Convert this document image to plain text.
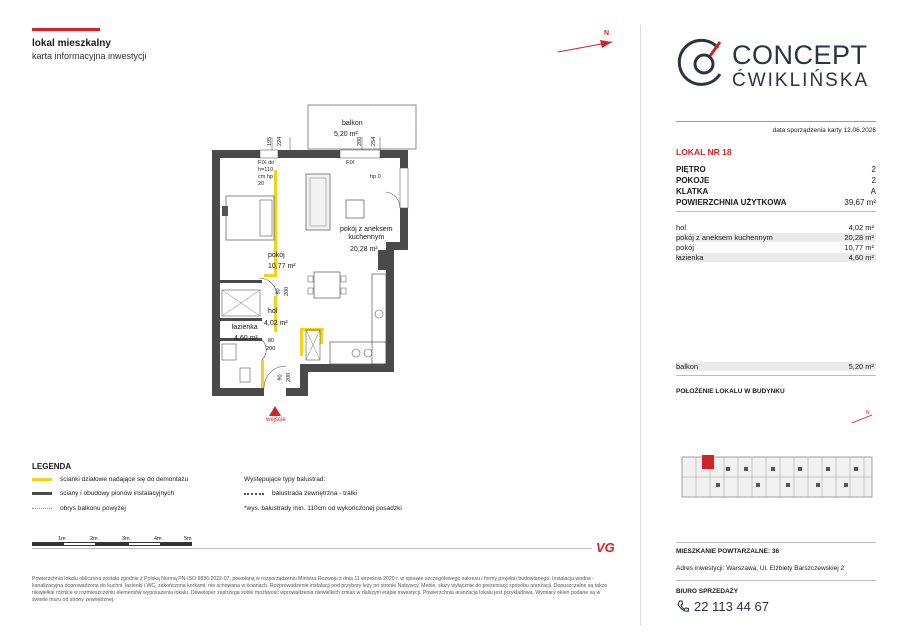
lokal mieszkalny
karta informacyjna inwestycji
N
CONCEPT
ĆWIKLIŃSKA
data sporządzenia karty 12.06.2026
LOKAL NR 18
PIĘTRO	2
POKOJE	2
KLATKA	A
POWIERZCHNIA UŻYTKOWA	39,67 m²
hol	4,02 m²
pokój z aneksem kuchennym	20,28 m²
pokój	10,77 m²
łazienka	4,60 m²
balkon	5,20 m²
POŁOŻENIE LOKALU W BUDYNKU
N
MIESZKANIE POWTARZALNE: 36
Adres inwestycji: Warszawa, Ul. Elżbiety Barszczewskiej 2
BIURO SPRZEDAŻY
22 113 44 67
balkon
5,20 m²
pokój z aneksem
kuchennym
20,28 m²
pokój
10,77 m²
hol
4,02 m²
łazienka
4,60 m²
FIX do h=110 cm hp 20
FIX
hp 0
195 224	200 254
80 200
80
200
90 200
wejście
LEGENDA
ścianki działowe nadające się do demontażu
ściany i obudowy pionów instalacyjnych
obrys balkonu powyżej
Występujące typy balustrad:
balustrada zewnętrzna - tralki
*wys. balustrady min. 110cm od wykończonej posadzki
1m	2m	3m	4m	5m
VG
Powierzchnia lokalu obliczona została zgodnie z Polską Normą PN-ISO 9836:2022-07, powołaną w rozporządzeniu Ministra Rozwoju z dnia 11 września 2020 r. w sprawie szczegółowego zakresu i formy projektu budowlanego. Instalacja wodna - kanalizacyjna doprowadzona do kuchni, łazienki i WC, zakończona korkami, nie schowana w ścianach. Rozprowadzenie instalacji pod przybory leży po stronie Nabywcy. Meble, służy wyłącznie do prezentacji sposobu aranżacji. Dopuszczalne są także niewielkie różnice w rozmieszczeniu elementów wyposażenia lokalu. Deweloper zastrzega sobie możliwość wprowadzenia niewielkich zmian w dalszym etapie inwestycji. Powierzchnia aranżacja lokalu jest przykładowa. Wymiary okien podane są w świetle muru od strony zewnętrznej.
